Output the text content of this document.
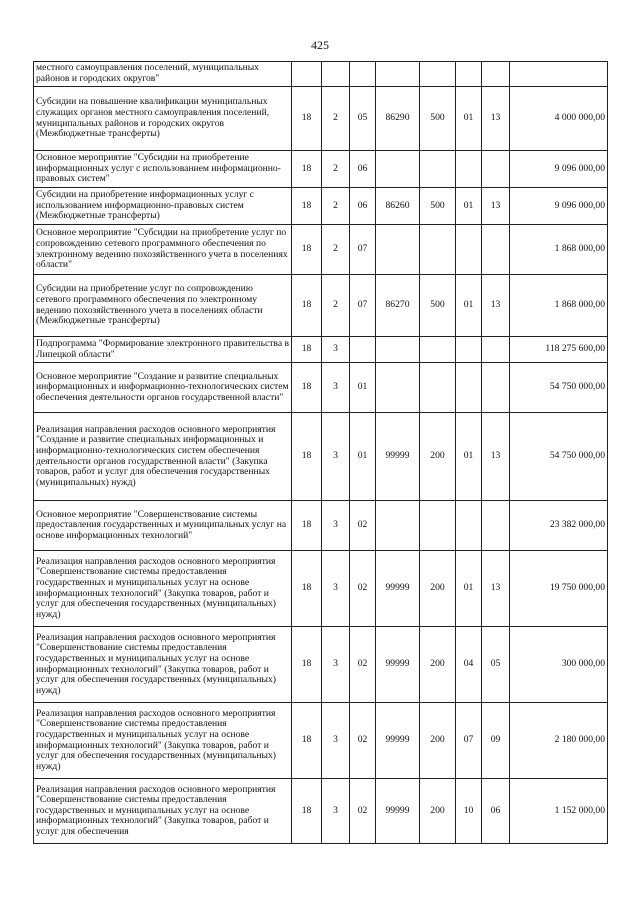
425
местного самоуправления поселений, муниципальных районов и городских округов"								
Субсидии на повышение квалификации муниципальных служащих органов местного самоуправления поселений, муниципальных районов и городских округов (Межбюджетные трансферты)	18	2	05	86290	500	01	13	4 000 000,00
Основное мероприятие "Субсидии на приобретение информационных услуг с использованием информационно-правовых систем"	18	2	06					9 096 000,00
Субсидии на приобретение информационных услуг с использованием информационно-правовых систем (Межбюджетные трансферты)	18	2	06	86260	500	01	13	9 096 000,00
Основное мероприятие "Субсидии на приобретение услуг по сопровождению сетевого программного обеспечения по электронному ведению похозяйственного учета в поселениях области"	18	2	07					1 868 000,00
Субсидии на приобретение услуг по сопровождению сетевого программного обеспечения по электронному ведению похозяйственного учета в поселениях области (Межбюджетные трансферты)	18	2	07	86270	500	01	13	1 868 000,00
Подпрограмма "Формирование электронного правительства в Липецкой области"	18	3						118 275 600,00
Основное мероприятие "Создание и развитие специальных информационных и информационно-технологических систем обеспечения деятельности органов государственной власти"	18	3	01					54 750 000,00
Реализация направления расходов основного мероприятия "Создание и развитие специальных информационных и информационно-технологических систем обеспечения деятельности органов государственной власти" (Закупка товаров, работ и услуг для обеспечения государственных (муниципальных) нужд)	18	3	01	99999	200	01	13	54 750 000,00
Основное мероприятие "Совершенствование системы предоставления государственных и муниципальных услуг на основе информационных технологий"	18	3	02					23 382 000,00
Реализация направления расходов основного мероприятия "Совершенствование системы предоставления государственных и муниципальных услуг на основе информационных технологий" (Закупка товаров, работ и услуг для обеспечения государственных (муниципальных) нужд)	18	3	02	99999	200	01	13	19 750 000,00
Реализация направления расходов основного мероприятия "Совершенствование системы предоставления государственных и муниципальных услуг на основе информационных технологий" (Закупка товаров, работ и услуг для обеспечения государственных (муниципальных) нужд)	18	3	02	99999	200	04	05	300 000,00
Реализация направления расходов основного мероприятия "Совершенствование системы предоставления государственных и муниципальных услуг на основе информационных технологий" (Закупка товаров, работ и услуг для обеспечения государственных (муниципальных) нужд)	18	3	02	99999	200	07	09	2 180 000,00
Реализация направления расходов основного мероприятия "Совершенствование системы предоставления государственных и муниципальных услуг на основе информационных технологий" (Закупка товаров, работ и услуг для обеспечения	18	3	02	99999	200	10	06	1 152 000,00
